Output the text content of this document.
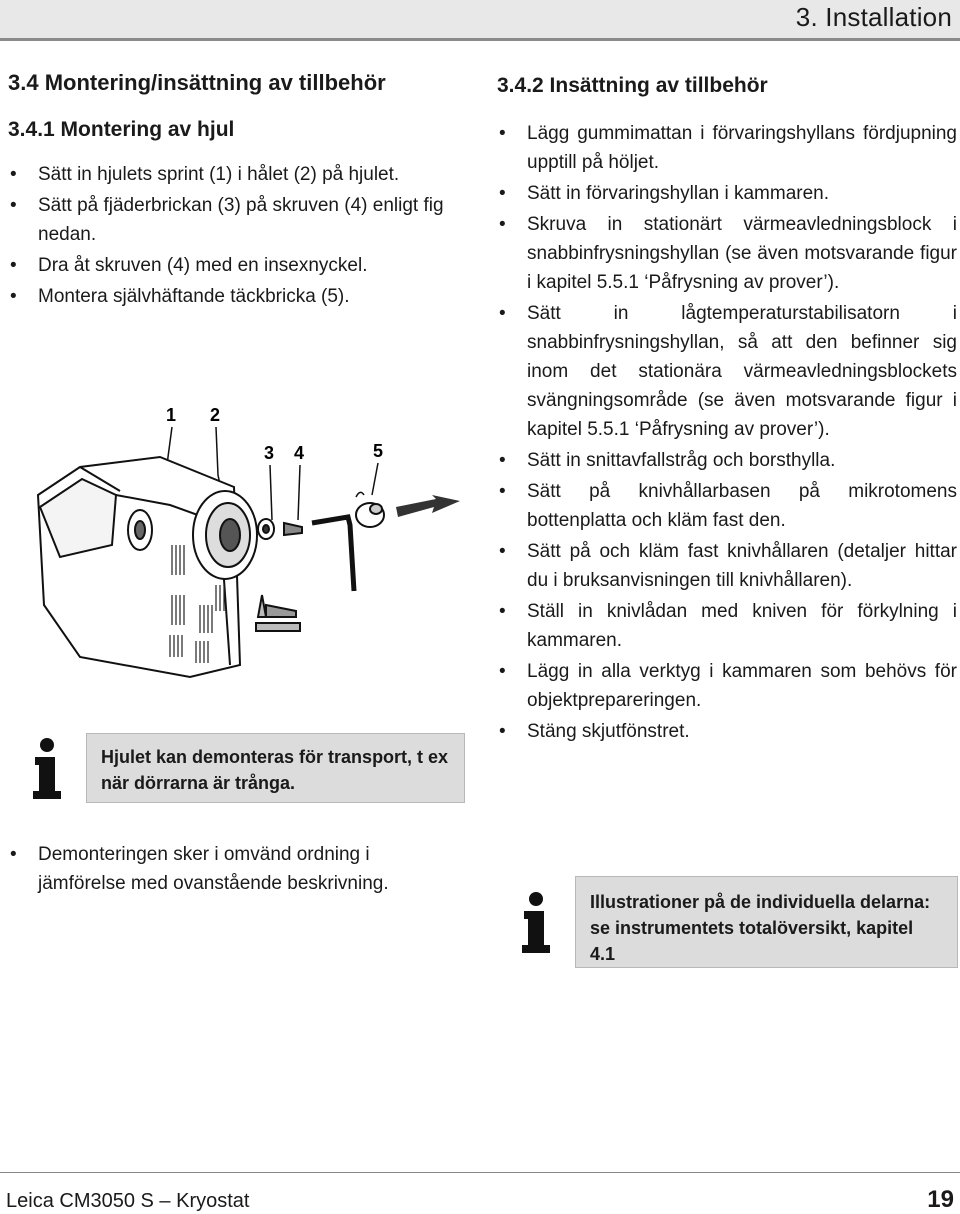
3. Installation
3.4 Montering/insättning av tillbehör
3.4.1 Montering av hjul
• Sätt in hjulets sprint (1) i hålet (2) på hjulet.
• Sätt på fjäderbrickan (3) på skruven (4) enligt fig nedan.
• Dra åt skruven (4) med en insexnyckel.
• Montera självhäftande täckbricka (5).
1 2
3 4	5
Hjulet kan demonteras för transport, t ex när dörrarna är trånga.
• Demonteringen sker i omvänd ordning i jämförelse med ovanstående beskrivning.
3.4.2 Insättning av tillbehör
• Lägg gummimattan i förvaringshyllans fördjupning upptill på höljet.
• Sätt in förvaringshyllan i kammaren.
• Skruva in stationärt värmeavledningsblock i snabbinfrysningshyllan (se även motsvarande figur i kapitel 5.5.1 ‘Påfrysning av prover’).
• Sätt in lågtemperaturstabilisatorn i snabbinfrysningshyllan, så att den befinner sig inom det stationära värmeavledningsblockets svängningsområde (se även motsvarande figur i kapitel 5.5.1 ‘Påfrysning av prover’).
• Sätt in snittavfallstråg och borsthylla.
• Sätt på knivhållarbasen på mikrotomens bottenplatta och kläm fast den.
• Sätt på och kläm fast knivhållaren (detaljer hittar du i bruksanvisningen till knivhållaren).
• Ställ in knivlådan med kniven för förkylning i kammaren.
• Lägg in alla verktyg i kammaren som behövs för objektprepareringen.
• Stäng skjutfönstret.
Illustrationer på de individuella delarna: se instrumentets totalöversikt, kapitel 4.1
Leica CM3050 S – Kryostat	19
